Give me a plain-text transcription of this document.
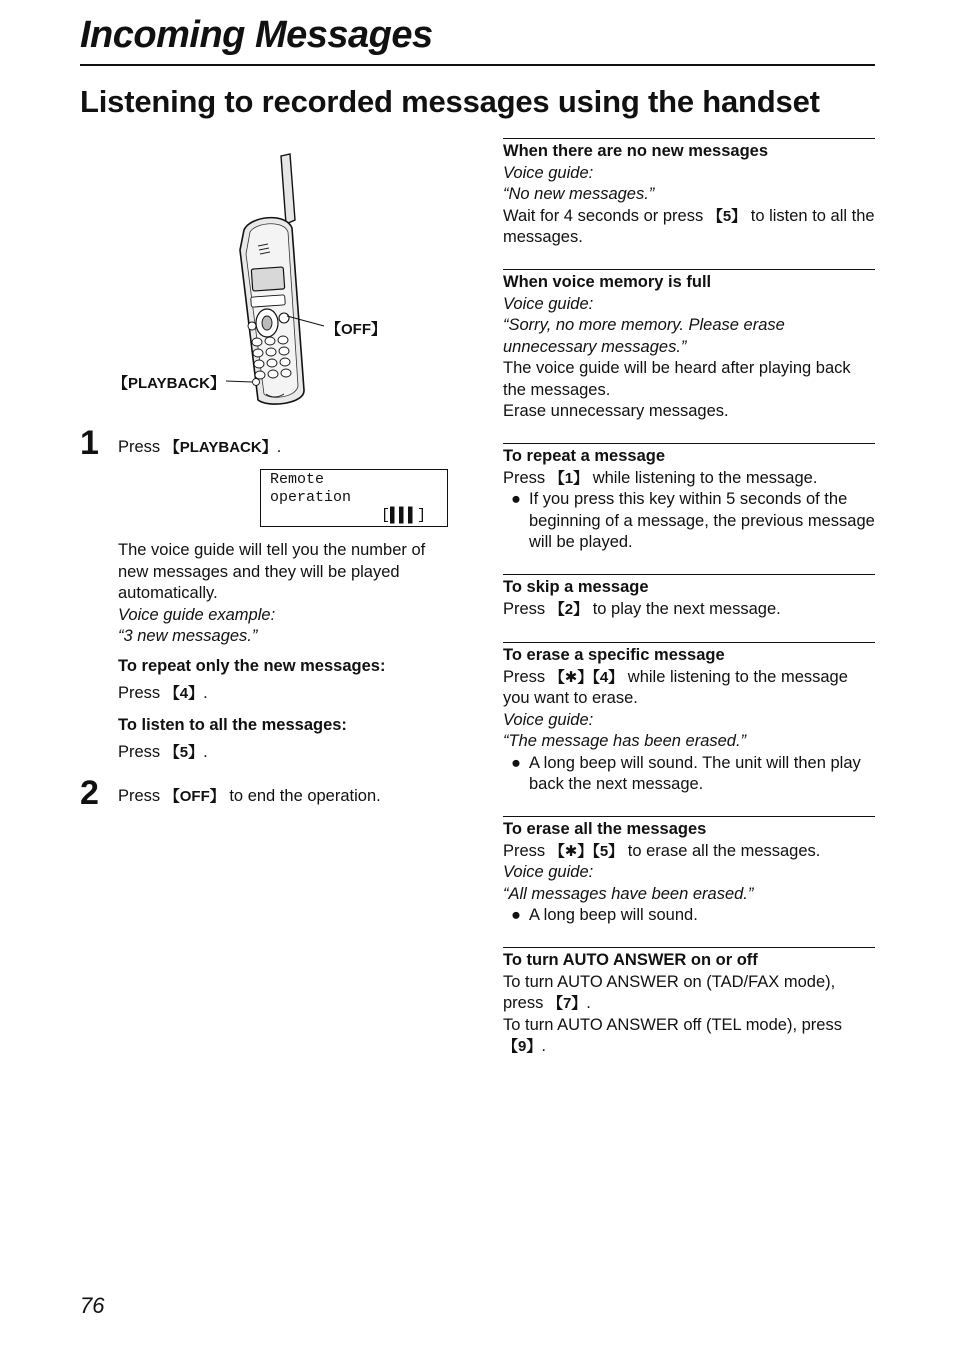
Incoming Messages
Listening to recorded messages using the handset
【OFF】
【PLAYBACK】
1 Press 【PLAYBACK】.
Remote
operation
[▌▌▌]
The voice guide will tell you the number of new messages and they will be played automatically.
Voice guide example:
“3 new messages.”
To repeat only the new messages:
Press 【4】.
To listen to all the messages:
Press 【5】.
2 Press 【OFF】 to end the operation.
When there are no new messages
Voice guide:
“No new messages.”
Wait for 4 seconds or press 【5】 to listen to all the messages.
When voice memory is full
Voice guide:
“Sorry, no more memory. Please erase unnecessary messages.”
The voice guide will be heard after playing back the messages.
Erase unnecessary messages.
To repeat a message
Press 【1】 while listening to the message.
● If you press this key within 5 seconds of the beginning of a message, the previous message will be played.
To skip a message
Press 【2】 to play the next message.
To erase a specific message
Press 【✱】【4】 while listening to the message you want to erase.
Voice guide:
“The message has been erased.”
● A long beep will sound. The unit will then play back the next message.
To erase all the messages
Press 【✱】【5】 to erase all the messages.
Voice guide:
“All messages have been erased.”
● A long beep will sound.
To turn AUTO ANSWER on or off
To turn AUTO ANSWER on (TAD/FAX mode), press 【7】.
To turn AUTO ANSWER off (TEL mode), press 【9】.
76
